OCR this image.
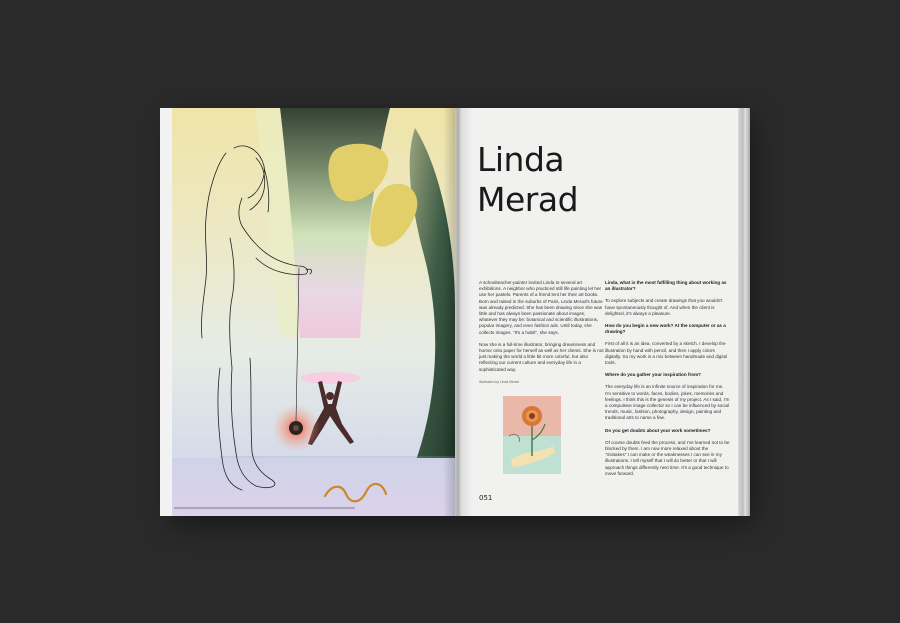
Linda
Merad

A schoolteacher-painter invited Linda to several art exhibitions. A neighbor who practiced still life painting let her use her pastels. Parents of a friend lent her their art books. Born and raised in the suburbs of Paris, Linda Merad's future was already predicted. She has been drawing since she was little and has always been passionate about images, whatever they may be: botanical and scientific illustrations, popular imagery, and even fashion ads. Until today, she collects images. "It's a habit", she says.

Now she is a full-time illustrator, bringing dreaminess and humor onto paper for herself as well as her clients. She is not just making the world a little bit more colorful, but also reflecting our current culture and everyday life in a sophisticated way.

Illustration by Linda Merad

Linda, what is the most fulfilling thing about working as an illustrator?

To explore subjects and create drawings that you wouldn't have spontaneously thought of. And when the client is delighted, it's always a pleasure.

How do you begin a new work? At the computer or as a drawing?

First of all it is an idea, converted by a sketch. I develop the illustration by hand with pencil, and then I apply colors digitally. So my work is a mix between handmade and digital tools.

Where do you gather your inspiration from?

The everyday life is an infinite source of inspiration for me. I'm sensitive to words, faces, bodies, jokes, memories and feelings. I think this is the genesis of my project. As I said, I'm a compulsive image collector so I can be influenced by social trends, music, fashion, photography, design, painting and traditional arts to name a few.

Do you get doubts about your work sometimes?

Of course doubts feed the process, and I've learned not to be blocked by them. I am now more relaxed about the "mistakes" I can make or the weaknesses I can see in my illustrations. I tell myself that I will do better or that I will approach things differently next time. It's a good technique to move forward.

051
